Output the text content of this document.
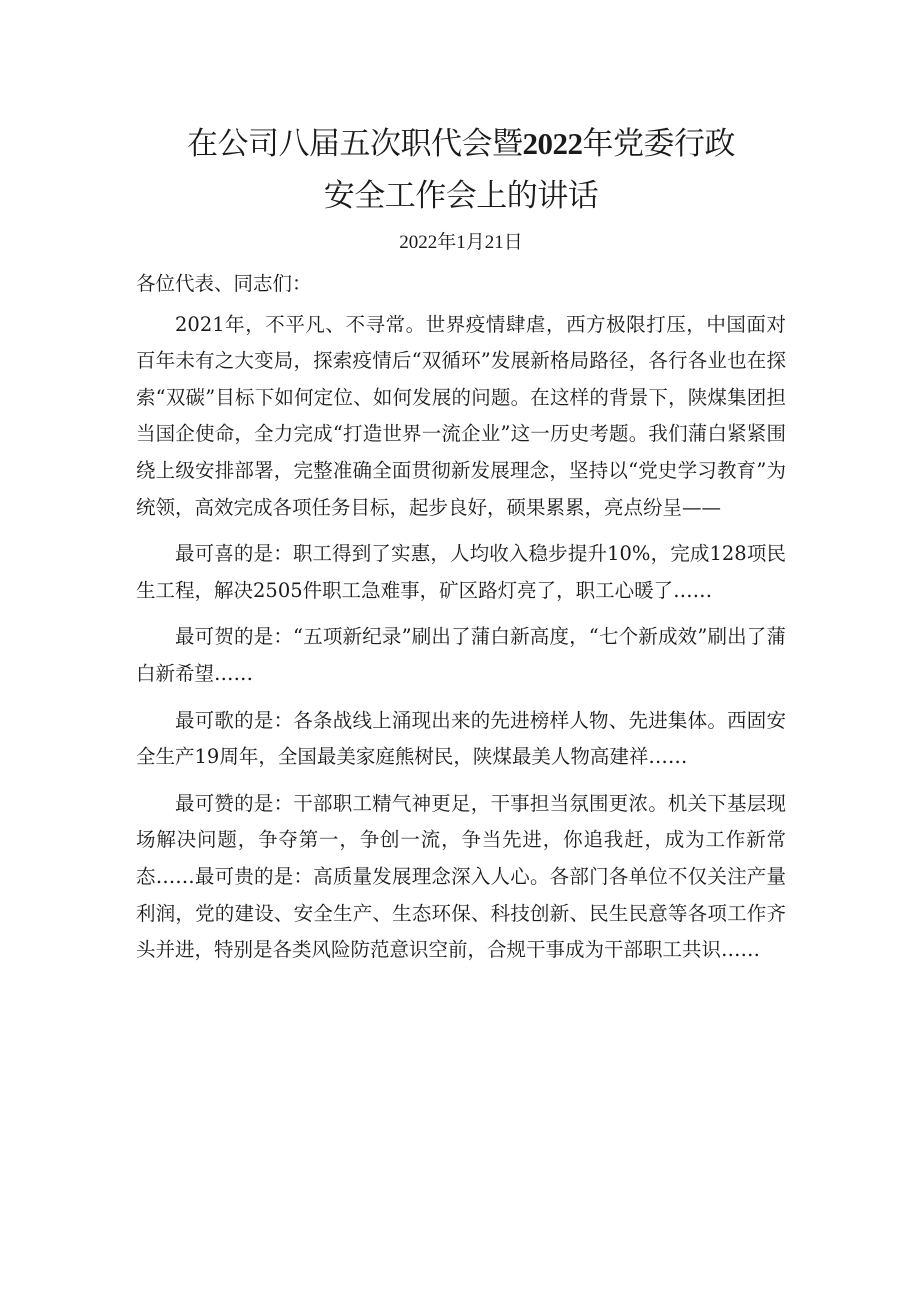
在公司八届五次职代会暨2022年党委行政
安全工作会上的讲话
2022年1月21日

各位代表、同志们：

2021年，不平凡、不寻常。世界疫情肆虐，西方极限打压，中国面对百年未有之大变局，探索疫情后“双循环”发展新格局路径，各行各业也在探索“双碳”目标下如何定位、如何发展的问题。在这样的背景下，陕煤集团担当国企使命，全力完成“打造世界一流企业”这一历史考题。我们蒲白紧紧围绕上级安排部署，完整准确全面贯彻新发展理念，坚持以“党史学习教育”为统领，高效完成各项任务目标，起步良好，硕果累累，亮点纷呈——

最可喜的是：职工得到了实惠，人均收入稳步提升10%，完成128项民生工程，解决2505件职工急难事，矿区路灯亮了，职工心暖了……

最可贺的是：“五项新纪录”刷出了蒲白新高度，“七个新成效”刷出了蒲白新希望……

最可歌的是：各条战线上涌现出来的先进榜样人物、先进集体。西固安全生产19周年，全国最美家庭熊树民，陕煤最美人物高建祥……

最可赞的是：干部职工精气神更足，干事担当氛围更浓。机关下基层现场解决问题，争夺第一，争创一流，争当先进，你追我赶，成为工作新常态……最可贵的是：高质量发展理念深入人心。各部门各单位不仅关注产量利润，党的建设、安全生产、生态环保、科技创新、民生民意等各项工作齐头并进，特别是各类风险防范意识空前，合规干事成为干部职工共识……
